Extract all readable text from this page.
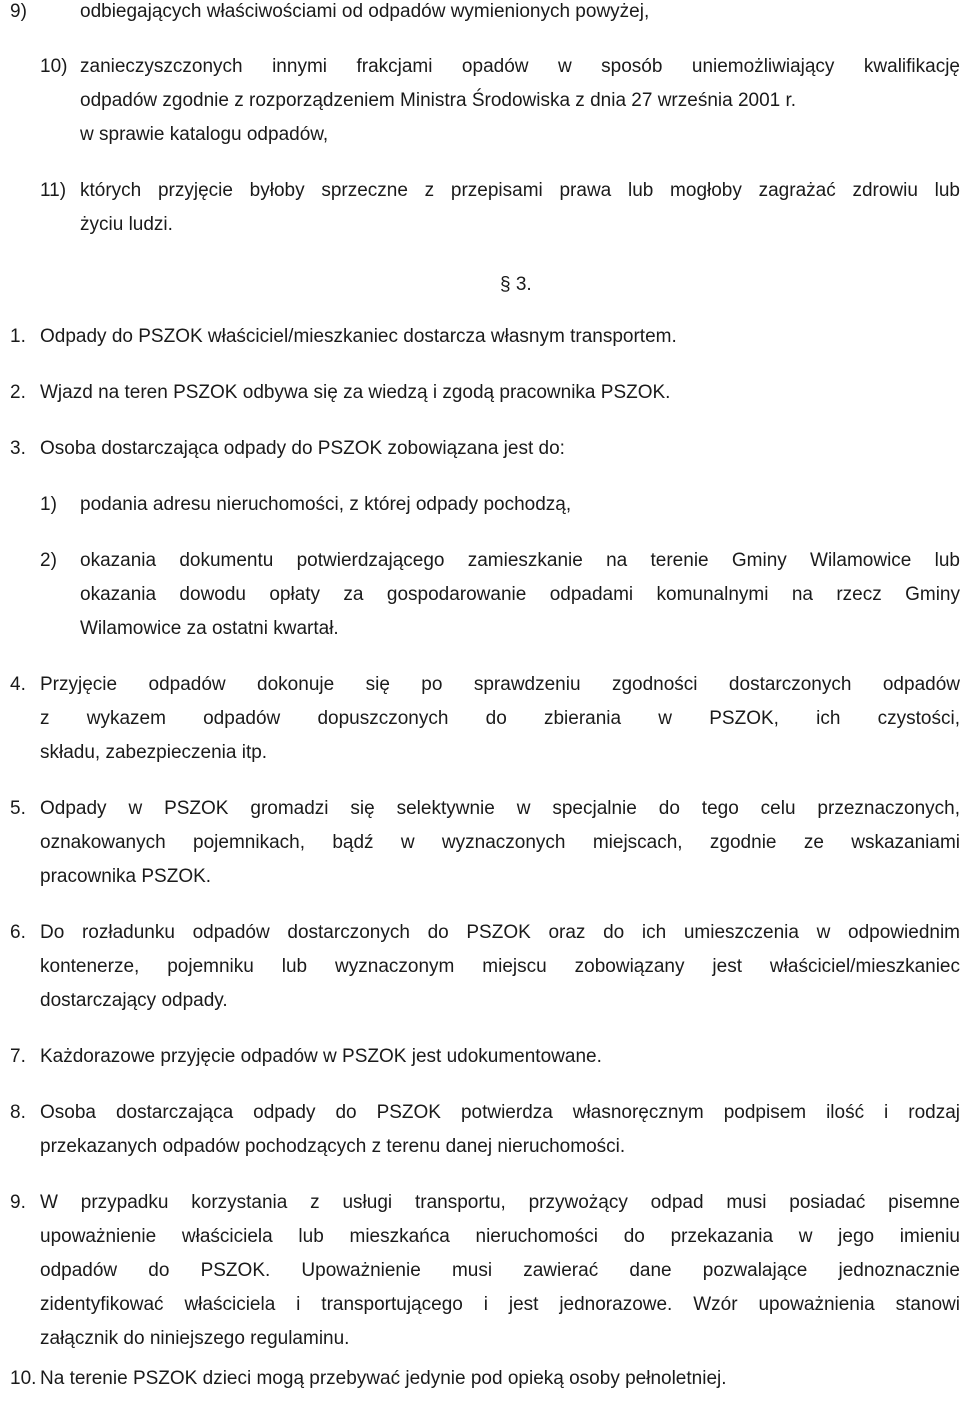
9)	odbiegających właściwościami od odpadów wymienionych powyżej,
10) zanieczyszczonych innymi frakcjami opadów w sposób uniemożliwiający kwalifikację
odpadów zgodnie z rozporządzeniem Ministra Środowiska z dnia 27 września 2001 r.
w sprawie katalogu odpadów,
11) których przyjęcie byłoby sprzeczne z przepisami prawa lub mogłoby zagrażać zdrowiu lub
życiu ludzi.
§ 3.
1. Odpady do PSZOK właściciel/mieszkaniec dostarcza własnym transportem.
2. Wjazd na teren PSZOK odbywa się za wiedzą i zgodą pracownika PSZOK.
3. Osoba dostarczająca odpady do PSZOK zobowiązana jest do:
1) podania adresu nieruchomości, z której odpady pochodzą,
2) okazania dokumentu potwierdzającego zamieszkanie na terenie Gminy Wilamowice lub
okazania dowodu opłaty za gospodarowanie odpadami komunalnymi na rzecz Gminy
Wilamowice za ostatni kwartał.
4. Przyjęcie odpadów dokonuje się po sprawdzeniu zgodności dostarczonych odpadów
z wykazem odpadów dopuszczonych do zbierania w PSZOK, ich czystości,
składu, zabezpieczenia itp.
5. Odpady w PSZOK gromadzi się selektywnie w specjalnie do tego celu przeznaczonych,
oznakowanych pojemnikach, bądź w wyznaczonych miejscach, zgodnie ze wskazaniami
pracownika PSZOK.
6. Do rozładunku odpadów dostarczonych do PSZOK oraz do ich umieszczenia w odpowiednim
kontenerze, pojemniku lub wyznaczonym miejscu zobowiązany jest właściciel/mieszkaniec
dostarczający odpady.
7. Każdorazowe przyjęcie odpadów w PSZOK jest udokumentowane.
8. Osoba dostarczająca odpady do PSZOK potwierdza własnoręcznym podpisem ilość i rodzaj
przekazanych odpadów pochodzących z terenu danej nieruchomości.
9. W przypadku korzystania z usługi transportu, przywożący odpad musi posiadać pisemne
upoważnienie właściciela lub mieszkańca nieruchomości do przekazania w jego imieniu
odpadów do PSZOK. Upoważnienie musi zawierać dane pozwalające jednoznacznie
zidentyfikować właściciela i transportującego i jest jednorazowe. Wzór upoważnienia stanowi
załącznik do niniejszego regulaminu.
10. Na terenie PSZOK dzieci mogą przebywać jedynie pod opieką osoby pełnoletniej.
